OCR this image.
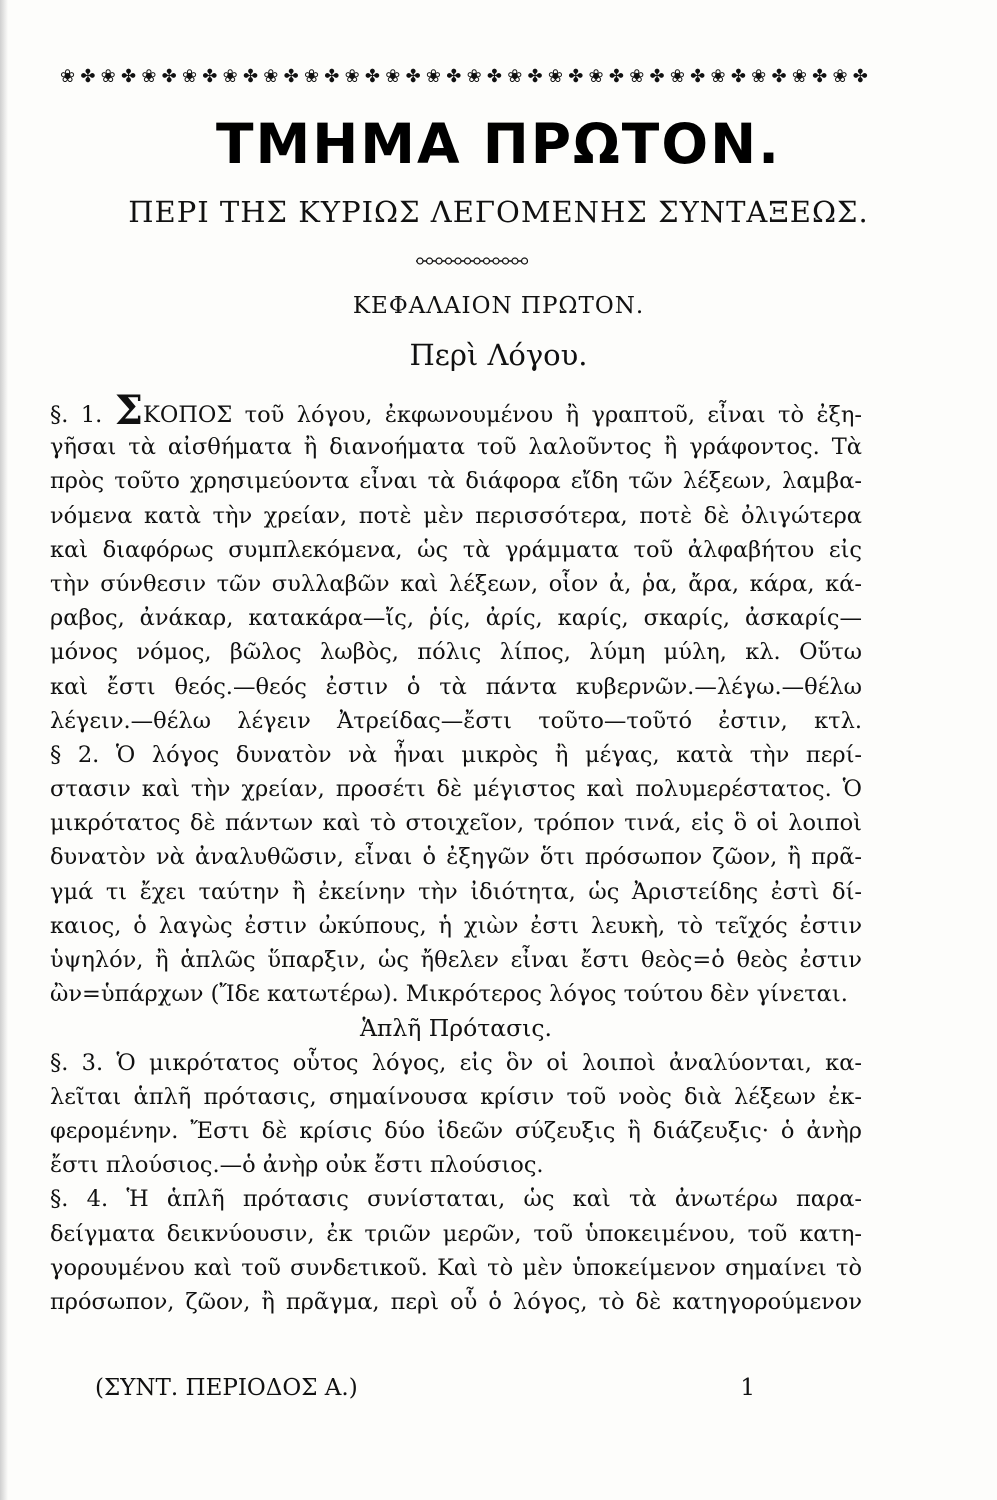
❀ ✤ ❀ ✤ ❀ ✤ ❀ ✤ ❀ ✤ ❀ ✤ ❀ ✤ ❀ ✤ ❀ ✤ ❀ ✤ ❀ ✤ ❀ ✤ ❀ ✤ ❀ ✤ ❀ ✤ ❀ ✤ ❀ ✤ ❀ ✤ ❀ ✤ ❀ ✤
ΤΜΗΜΑ ΠΡΩΤΟΝ.
ΠΕΡΙ ΤΗΣ ΚΥΡΙΩΣ ΛΕΓΟΜΕΝΗΣ ΣΥΝΤΑΞΕΩΣ.
ΚΕΦΑΛΑΙΟΝ ΠΡΩΤΟΝ.
Περὶ Λόγου.
§. 1. ΣΚΟΠΟΣ τοῦ λόγου, ἐκφωνουμένου ἢ γραπτοῦ, εἶναι τὸ ἐξη-
γῆσαι τὰ αἰσθήματα ἢ διανοήματα τοῦ λαλοῦντος ἢ γράφοντος. Τὰ
πρὸς τοῦτο χρησιμεύοντα εἶναι τὰ διάφορα εἴδη τῶν λέξεων, λαμβα-
νόμενα κατὰ τὴν χρείαν, ποτὲ μὲν περισσότερα, ποτὲ δὲ ὀλιγώτερα
καὶ διαφόρως συμπλεκόμενα, ὡς τὰ γράμματα τοῦ ἀλφαβήτου εἰς
τὴν σύνθεσιν τῶν συλλαβῶν καὶ λέξεων, οἷον ἀ, ῥα, ἄρα, κάρα, κά-
ραβος, ἀνάκαρ, κατακάρα—ἴς, ῥίς, ἀρίς, καρίς, σκαρίς, ἀσκαρίς—
μόνος νόμος, βῶλος λωβὸς, πόλις λίπος, λύμη μύλη, κλ. Οὕτω
καὶ ἔστι θεός.—θεός ἐστιν ὁ τὰ πάντα κυβερνῶν.—λέγω.—θέλω
λέγειν.—θέλω λέγειν Ἀτρείδας—ἔστι τοῦτο—τοῦτό ἐστιν, κτλ.
§ 2. Ὁ λόγος δυνατὸν νὰ ἦναι μικρὸς ἢ μέγας, κατὰ τὴν περί-
στασιν καὶ τὴν χρείαν, προσέτι δὲ μέγιστος καὶ πολυμερέστατος. Ὁ
μικρότατος δὲ πάντων καὶ τὸ στοιχεῖον, τρόπον τινά, εἰς ὃ οἱ λοιποὶ
δυνατὸν νὰ ἀναλυθῶσιν, εἶναι ὁ ἐξηγῶν ὅτι πρόσωπον ζῶον, ἢ πρᾶ-
γμά τι ἔχει ταύτην ἢ ἐκείνην τὴν ἰδιότητα, ὡς Ἀριστείδης ἐστὶ δί-
καιος, ὁ λαγὼς ἐστιν ὠκύπους, ἡ χιὼν ἐστι λευκὴ, τὸ τεῖχός ἐστιν
ὑψηλόν, ἢ ἁπλῶς ὕπαρξιν, ὡς ἤθελεν εἶναι ἔστι θεὸς=ὁ θεὸς ἐστιν
ὢν=ὑπάρχων (Ἴδε κατωτέρω). Μικρότερος λόγος τούτου δὲν γίνεται.
Ἁπλῆ Πρότασις.
§. 3. Ὁ μικρότατος οὗτος λόγος, εἰς ὃν οἱ λοιποὶ ἀναλύονται, κα-
λεῖται ἁπλῆ πρότασις, σημαίνουσα κρίσιν τοῦ νοὸς διὰ λέξεων ἐκ-
φερομένην. Ἔστι δὲ κρίσις δύο ἰδεῶν σύζευξις ἢ διάζευξις· ὁ ἀνὴρ
ἔστι πλούσιος.—ὁ ἀνὴρ οὐκ ἔστι πλούσιος.
§. 4. Ἡ ἁπλῆ πρότασις συνίσταται, ὡς καὶ τὰ ἀνωτέρω παρα-
δείγματα δεικνύουσιν, ἐκ τριῶν μερῶν, τοῦ ὑποκειμένου, τοῦ κατη-
γορουμένου καὶ τοῦ συνδετικοῦ. Καὶ τὸ μὲν ὑποκείμενον σημαίνει τὸ
πρόσωπον, ζῶον, ἢ πρᾶγμα, περὶ οὗ ὁ λόγος, τὸ δὲ κατηγορούμενον
(ΣΥΝΤ. ΠΕΡΙΟΔΟΣ Α.)	1
